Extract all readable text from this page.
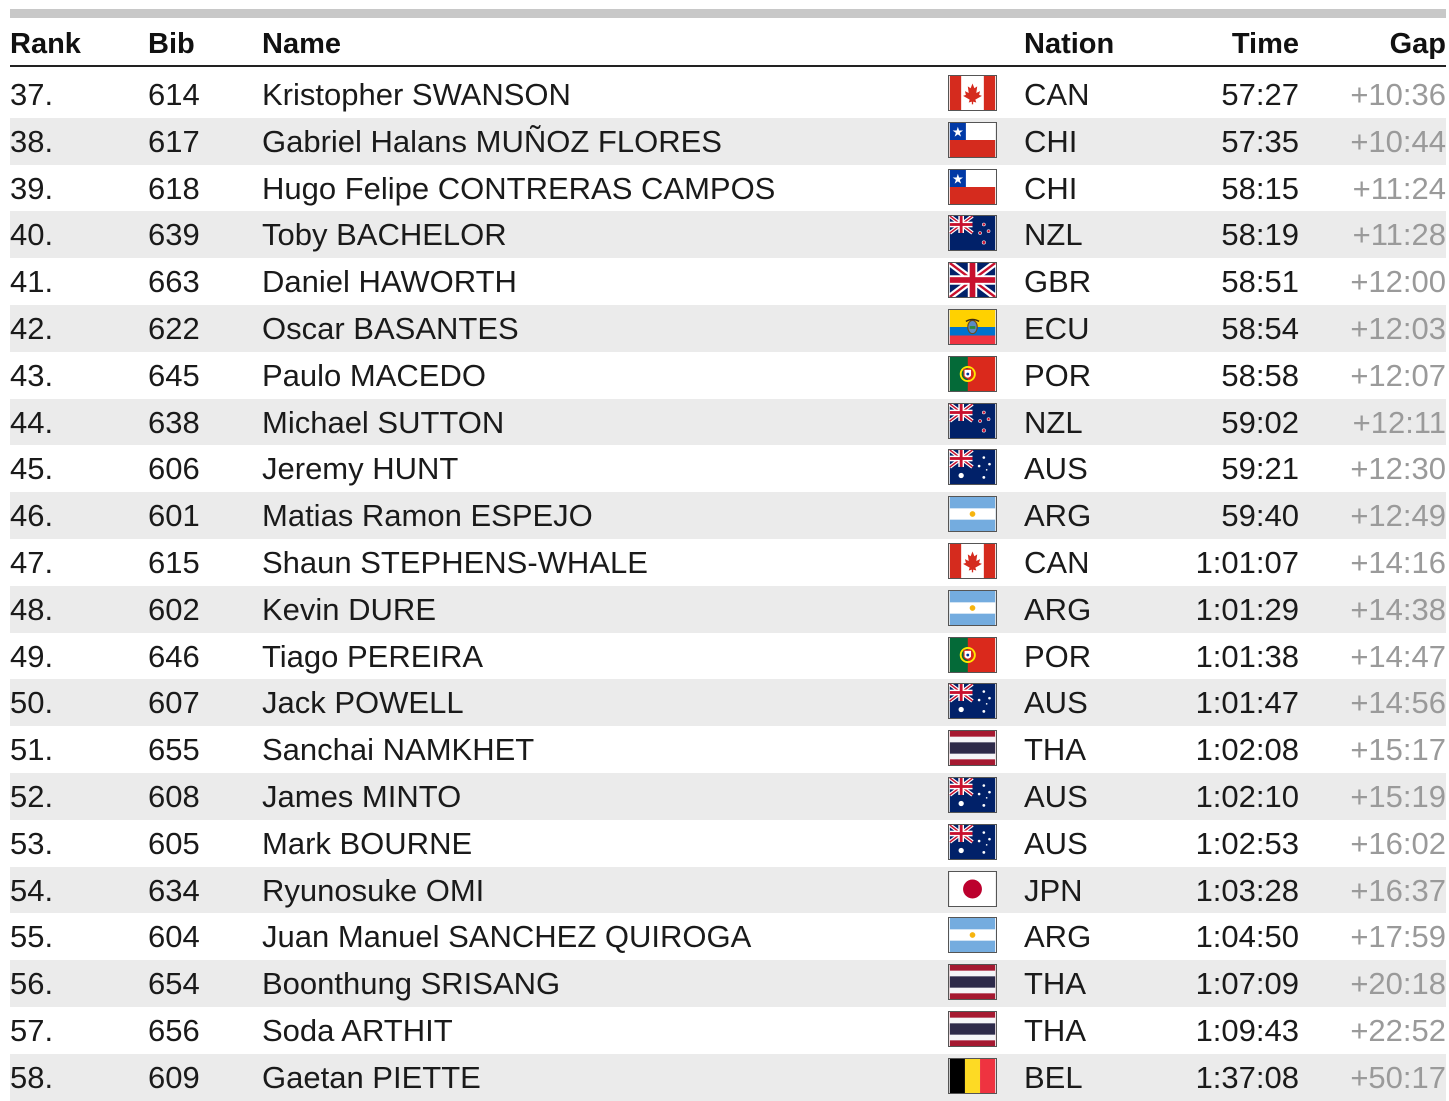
Rank Bib Name	Nation	Time	Gap
37.	614 Kristopher SWANSON	CAN	57:27 +10:36
38.	617 Gabriel Halans MUÑOZ FLORES	CHI	57:35 +10:44
39.	618 Hugo Felipe CONTRERAS CAMPOS	CHI	58:15 +11:24
40.	639 Toby BACHELOR	NZL	58:19 +11:28
41.	663 Daniel HAWORTH	GBR	58:51 +12:00
42.	622 Oscar BASANTES	ECU	58:54 +12:03
43.	645 Paulo MACEDO	POR	58:58 +12:07
44.	638 Michael SUTTON	NZL	59:02 +12:11
45.	606 Jeremy HUNT	AUS	59:21 +12:30
46.	601 Matias Ramon ESPEJO	ARG	59:40 +12:49
47.	615 Shaun STEPHENS-WHALE	CAN	1:01:07 +14:16
48.	602 Kevin DURE	ARG	1:01:29 +14:38
49.	646 Tiago PEREIRA	POR	1:01:38 +14:47
50.	607 Jack POWELL	AUS	1:01:47 +14:56
51.	655 Sanchai NAMKHET	THA	1:02:08 +15:17
52.	608 James MINTO	AUS	1:02:10 +15:19
53.	605 Mark BOURNE	AUS	1:02:53 +16:02
54.	634 Ryunosuke OMI	JPN	1:03:28 +16:37
55.	604 Juan Manuel SANCHEZ QUIROGA	ARG	1:04:50 +17:59
56.	654 Boonthung SRISANG	THA	1:07:09 +20:18
57.	656 Soda ARTHIT	THA	1:09:43 +22:52
58.	609 Gaetan PIETTE	BEL	1:37:08 +50:17
